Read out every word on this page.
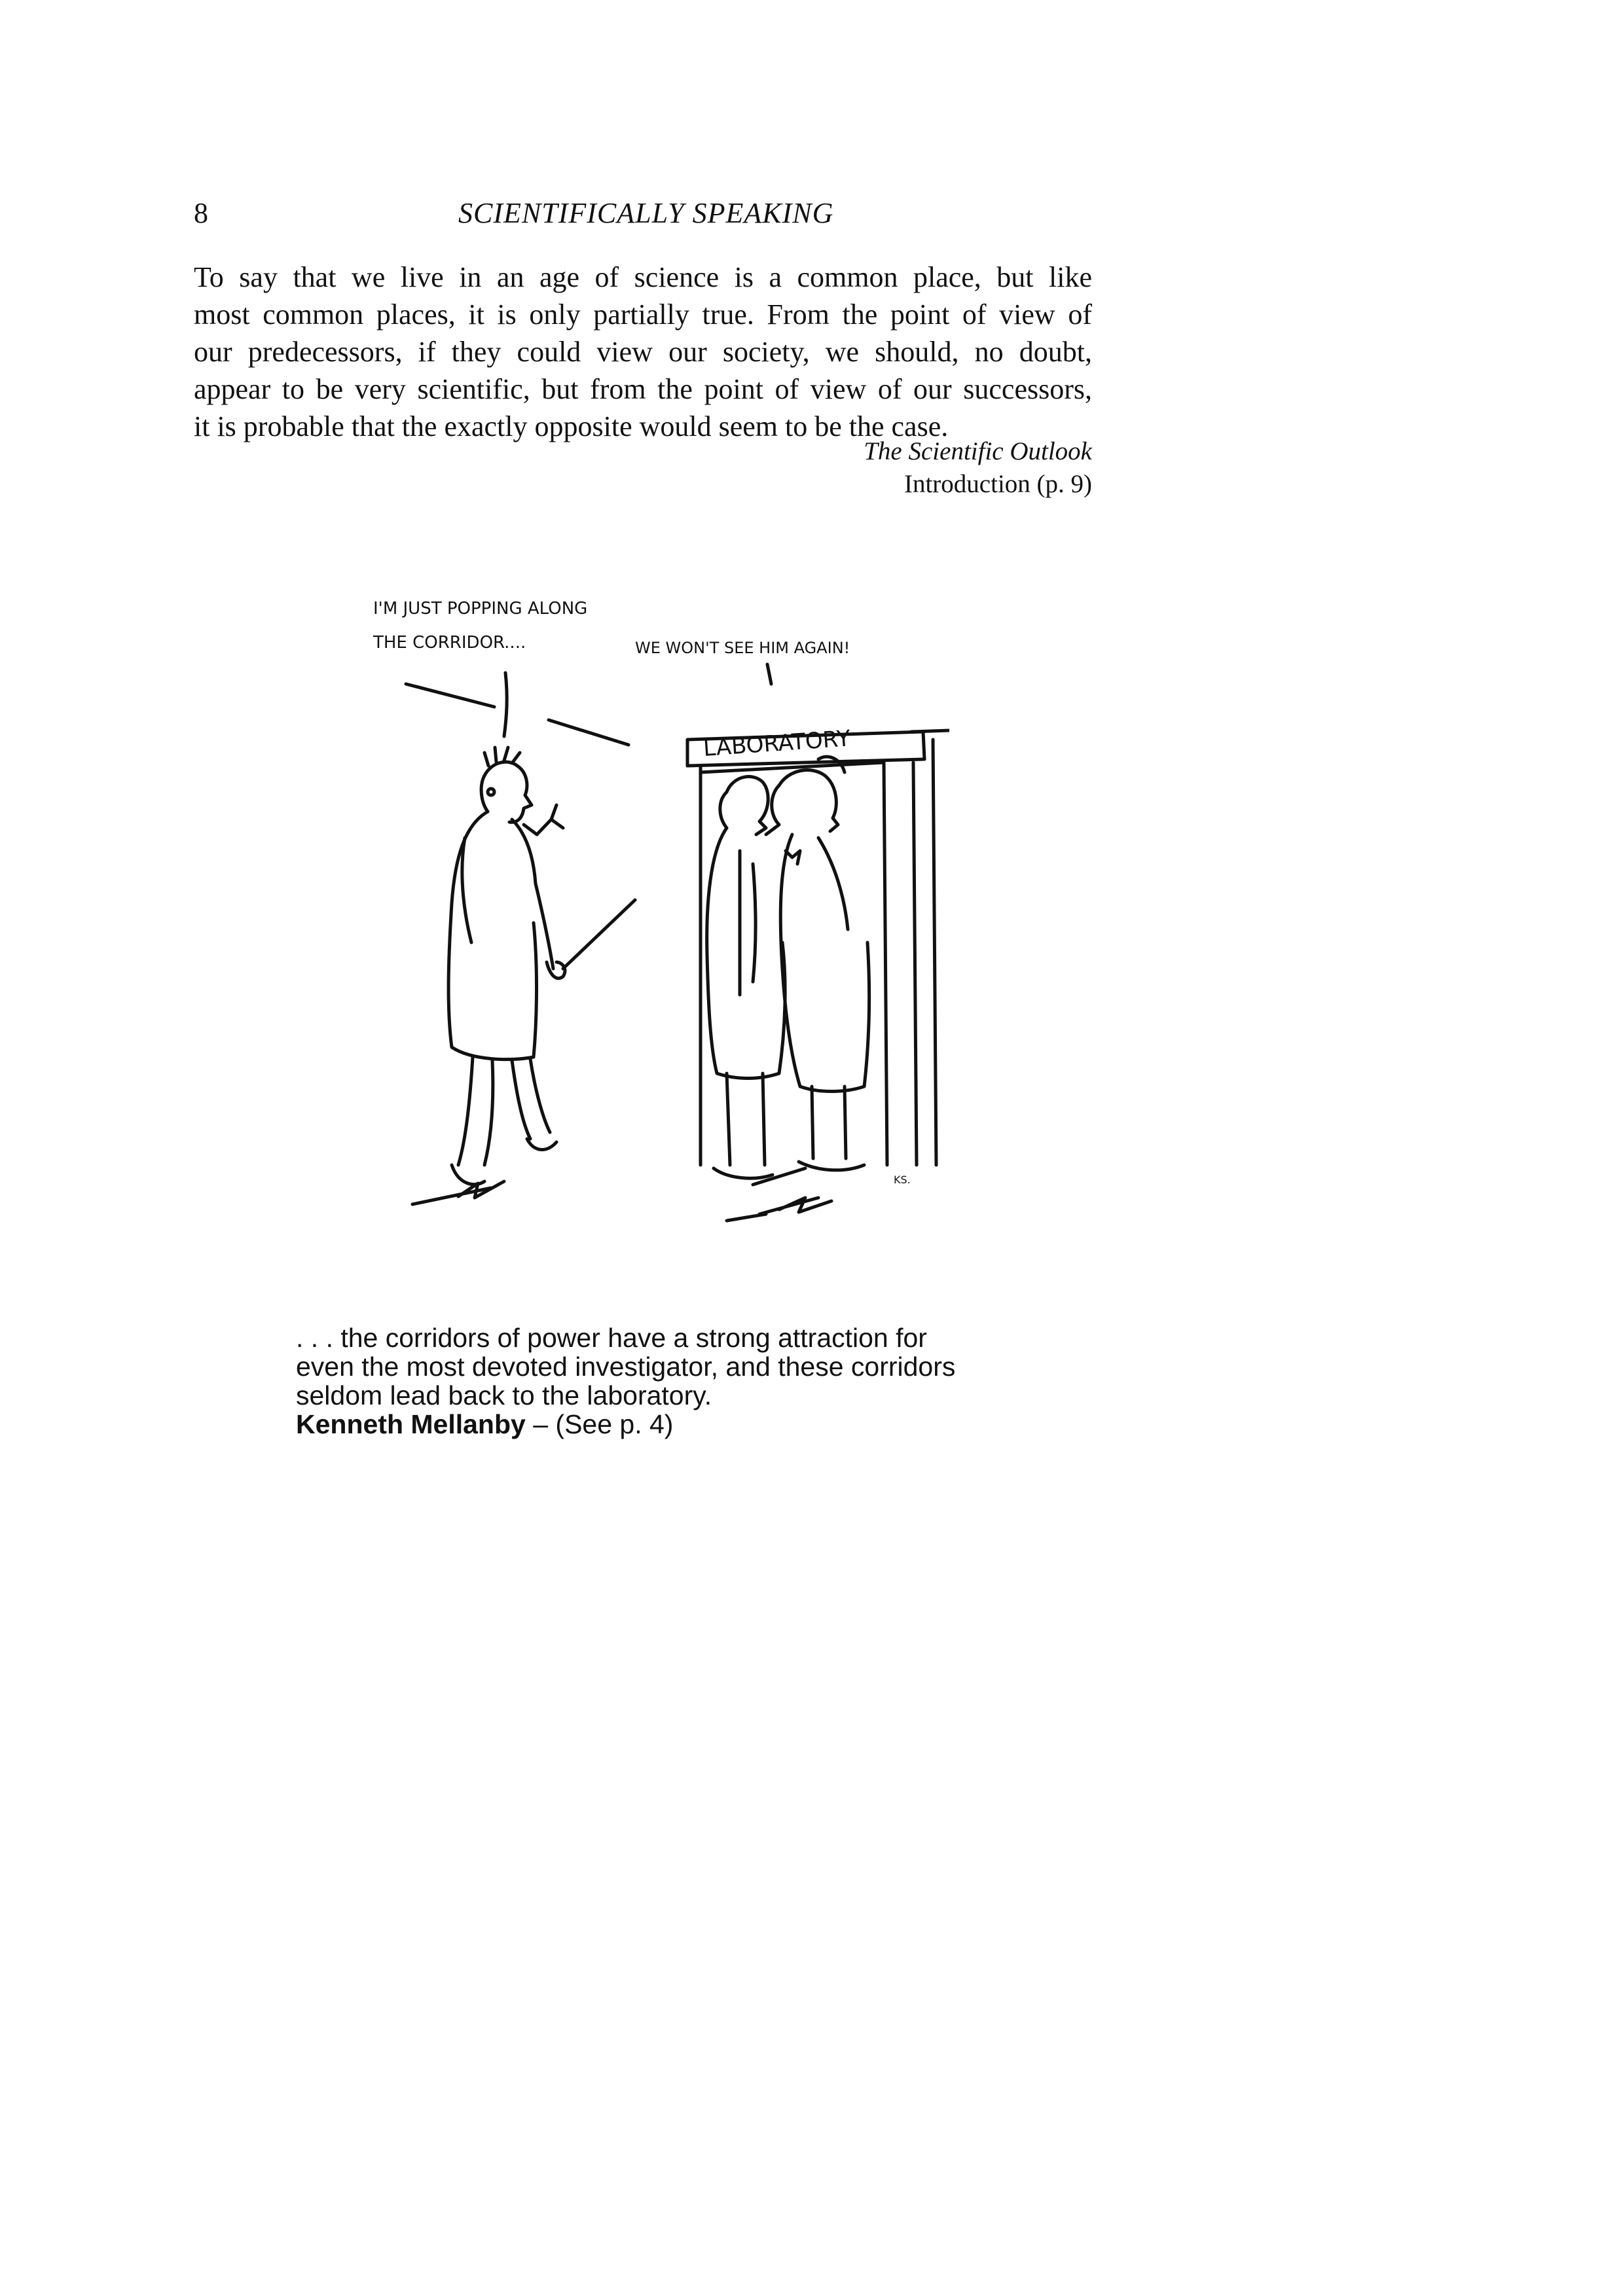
8	SCIENTIFICALLY SPEAKING
To say that we live in an age of science is a common place, but like
most common places, it is only partially true. From the point of view of
our predecessors, if they could view our society, we should, no doubt,
appear to be very scientific, but from the point of view of our successors,
it is probable that the exactly opposite would seem to be the case.
The Scientific Outlook
Introduction (p. 9)
I'M JUST POPPING ALONG
THE CORRIDOR....	WE WON'T SEE HIM AGAIN!
LABORATORY
KS.
. . . the corridors of power have a strong attraction for
even the most devoted investigator, and these corridors
seldom lead back to the laboratory.
Kenneth Mellanby – (See p. 4)
